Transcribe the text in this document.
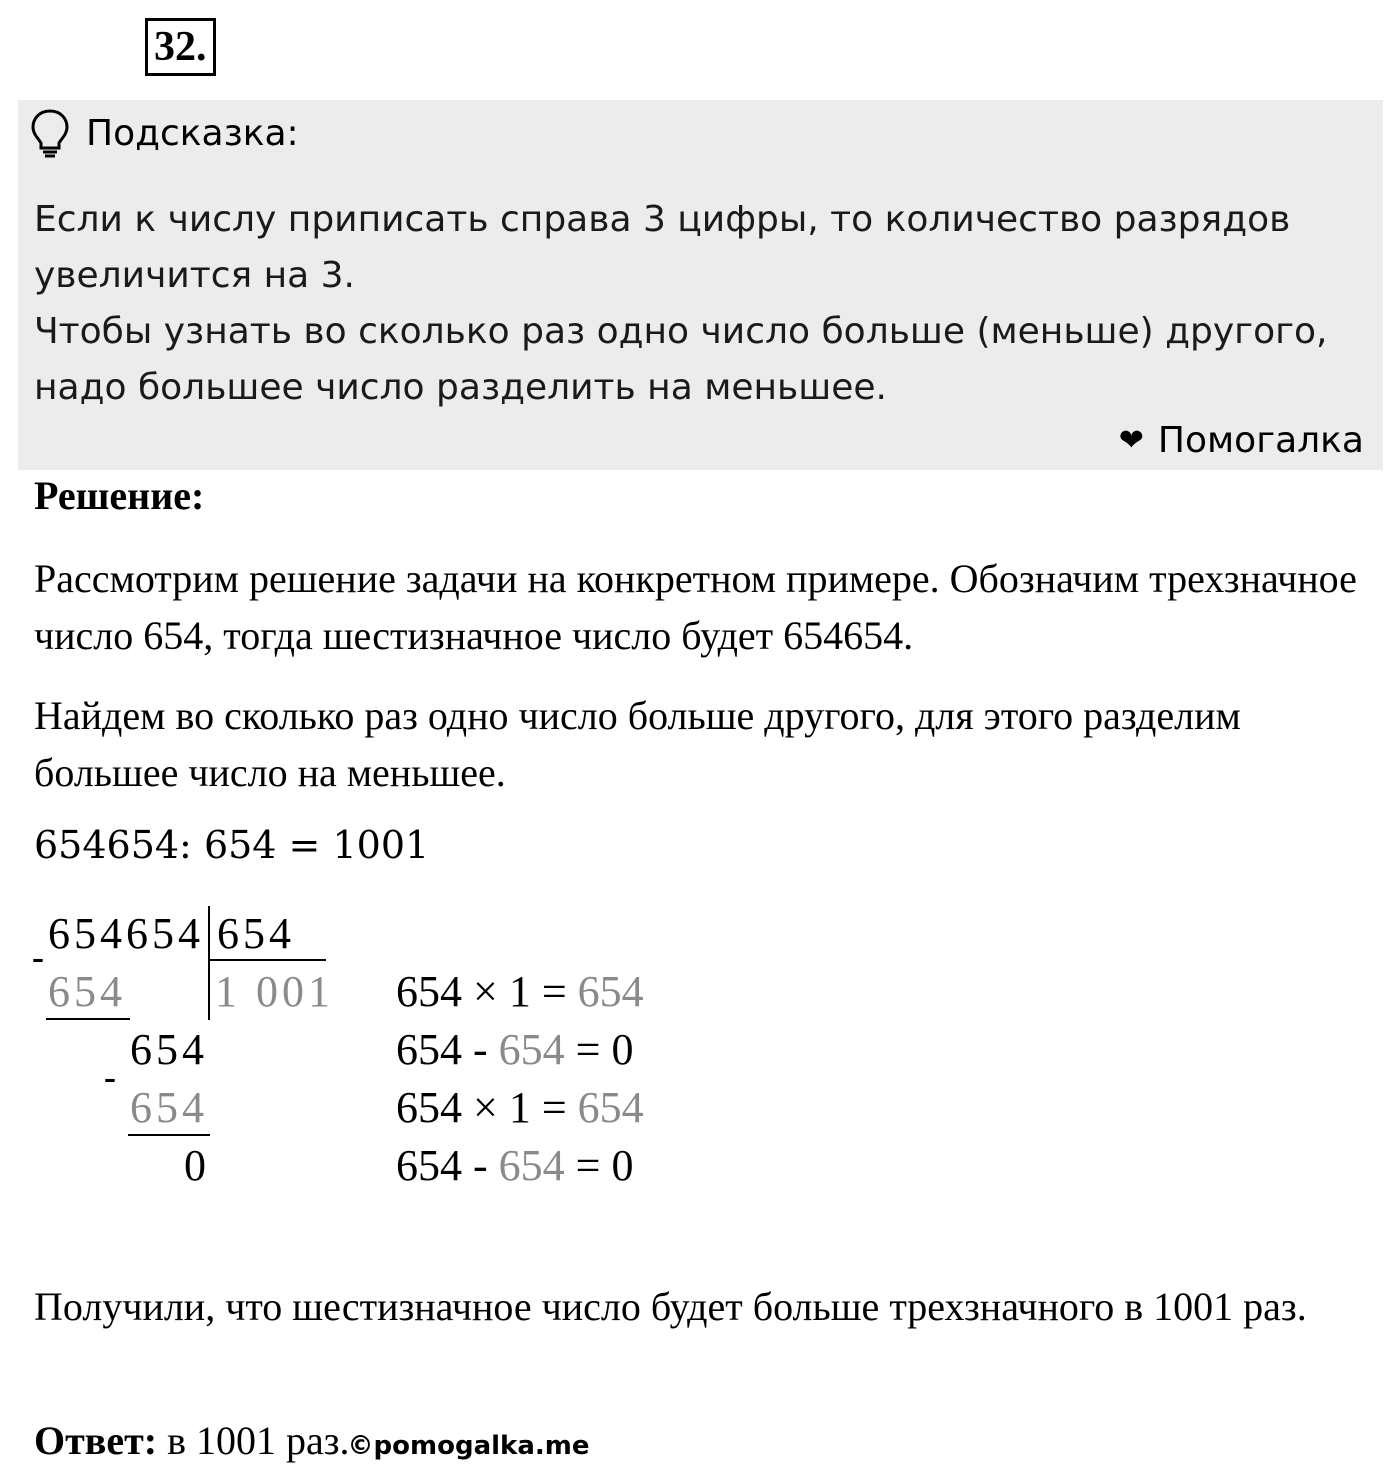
32.
Подсказка:

Если к числу приписать справа 3 цифры, то количество разрядов

увеличится на 3.

Чтобы узнать во сколько раз одно число больше (меньше) другого,

надо большее число разделить на меньшее.

❤ Помогалка
Решение:
Рассмотрим решение задачи на конкретном примере. Обозначим трехзначное число 654, тогда шестизначное число будет 654654.
Найдем во сколько раз одно число больше другого, для этого разделим большее число на меньшее.
654654: 654 = 1001
654654 654
-
654 1 001
654
-
654
0
654 × 1 = 654
654 - 654 = 0
654 × 1 = 654
654 - 654 = 0
Получили, что шестизначное число будет больше трехзначного в 1001 раз.
Ответ: в 1001 раз.©pomogalka.me
